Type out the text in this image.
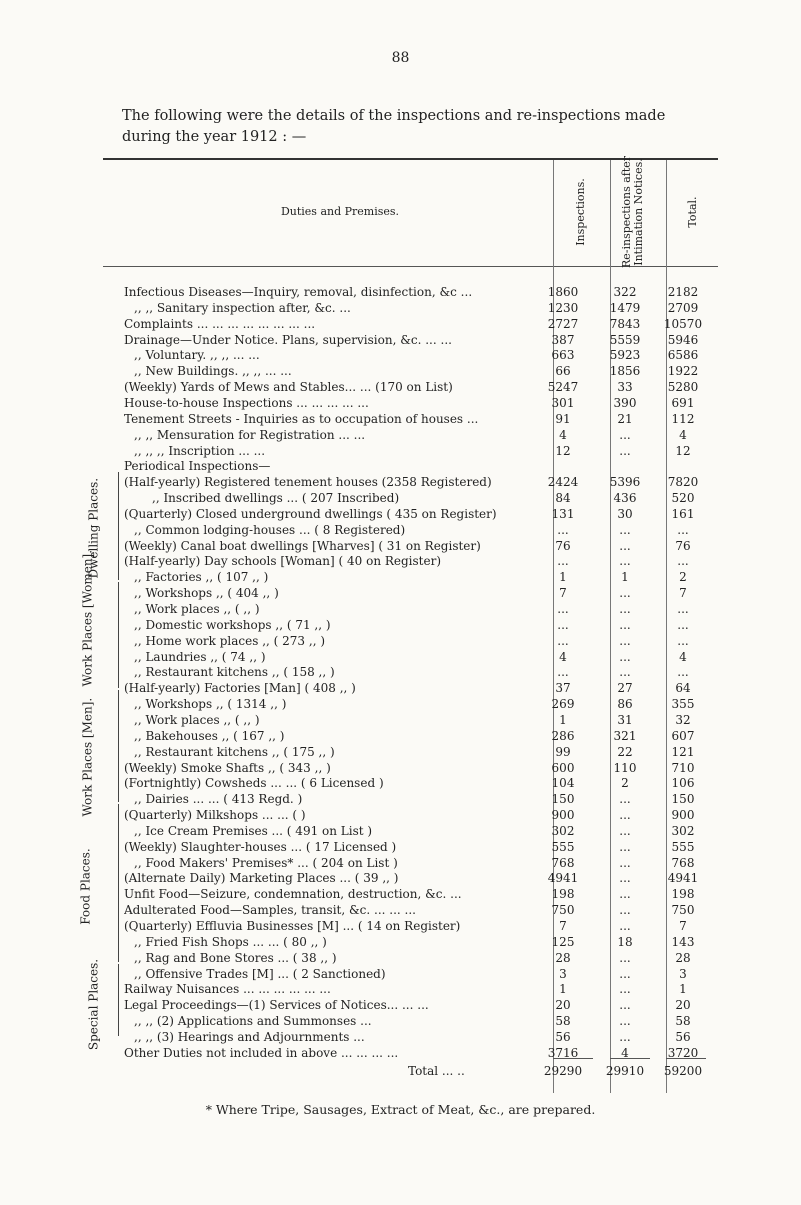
88
The following were the details of the inspections and re-inspections made during the year 1912 : —
Duties and Premises.	Inspections.	Re-inspections after Intimation Notices.	Total.
Dwelling Places.
Work Places [Women].
Work Places [Men].
Food Places.
Special Places.
Infectious Diseases—Inquiry, removal, disinfection, &c ...	1860	322	2182
,, ,, Sanitary inspection after, &c. ...	1230	1479	2709
Complaints ... ... ... ... ... ... ... ...	2727	7843	10570
Drainage—Under Notice. Plans, supervision, &c. ... ...	387	5559	5946
,, Voluntary. ,, ,, ... ...	663	5923	6586
,, New Buildings. ,, ,, ... ...	66	1856	1922
(Weekly) Yards of Mews and Stables... ... (170 on List)	5247	33	5280
House-to-house Inspections ... ... ... ... ...	301	390	691
Tenement Streets - Inquiries as to occupation of houses ...	91	21	112
,, ,, Mensuration for Registration ... ...	4	...	4
,, ,, ,, Inscription ... ...	12	...	12
Periodical Inspections—
(Half-yearly) Registered tenement houses (2358 Registered)	2424	5396	7820
,, Inscribed dwellings ... ( 207 Inscribed)	84	436	520
(Quarterly) Closed underground dwellings ( 435 on Register)	131	30	161
,, Common lodging-houses ... ( 8 Registered)	...	...	...
(Weekly) Canal boat dwellings [Wharves] ( 31 on Register)	76	...	76
(Half-yearly) Day schools [Woman] ( 40 on Register)	...	...	...
,, Factories ,, ( 107 ,, )	1	1	2
,, Workshops ,, ( 404 ,, )	7	...	7
,, Work places ,, ( ,, )	...	...	...
,, Domestic workshops ,, ( 71 ,, )	...	...	...
,, Home work places ,, ( 273 ,, )	...	...	...
,, Laundries ,, ( 74 ,, )	4	...	4
,, Restaurant kitchens ,, ( 158 ,, )	...	...	...
(Half-yearly) Factories [Man] ( 408 ,, )	37	27	64
,, Workshops ,, ( 1314 ,, )	269	86	355
,, Work places ,, ( ,, )	1	31	32
,, Bakehouses ,, ( 167 ,, )	286	321	607
,, Restaurant kitchens ,, ( 175 ,, )	99	22	121
(Weekly) Smoke Shafts ,, ( 343 ,, )	600	110	710
(Fortnightly) Cowsheds ... ... ( 6 Licensed )	104	2	106
,, Dairies ... ... ( 413 Regd. )	150	...	150
(Quarterly) Milkshops ... ... ( )	900	...	900
,, Ice Cream Premises ... ( 491 on List )	302	...	302
(Weekly) Slaughter-houses ... ( 17 Licensed )	555	...	555
,, Food Makers' Premises* ... ( 204 on List )	768	...	768
(Alternate Daily) Marketing Places ... ( 39 ,, )	4941	...	4941
Unfit Food—Seizure, condemnation, destruction, &c. ...	198	...	198
Adulterated Food—Samples, transit, &c. ... ... ...	750	...	750
(Quarterly) Effluvia Businesses [M] ... ( 14 on Register)	7	...	7
,, Fried Fish Shops ... ... ( 80 ,, )	125	18	143
,, Rag and Bone Stores ... ( 38 ,, )	28	...	28
,, Offensive Trades [M] ... ( 2 Sanctioned)	3	...	3
Railway Nuisances ... ... ... ... ... ...	1	...	1
Legal Proceedings—(1) Services of Notices... ... ...	20	...	20
,, ,, (2) Applications and Summonses ...	58	...	58
,, ,, (3) Hearings and Adjournments ...	56	...	56
Other Duties not included in above ... ... ... ...	3716	4	3720
Total ... ..	29290	29910	59200
* Where Tripe, Sausages, Extract of Meat, &c., are prepared.
